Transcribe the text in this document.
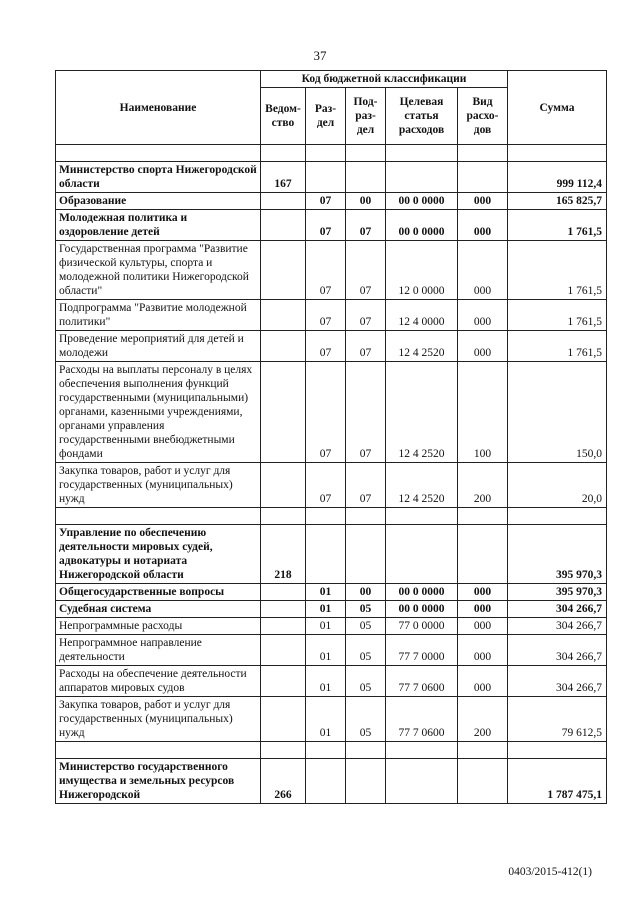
37
Наименование	Код бюджетной классификации					Сумма
	Ведом-ство	Раз-дел	Под-раз-дел	Целевая статья расходов	Вид расхо-дов	

Министерство спорта Нижегородской области	167					999 112,4
Образование		07	00	00 0 0000	000	165 825,7
Молодежная политика и оздоровление детей		07	07	00 0 0000	000	1 761,5
Государственная программа "Развитие физической культуры, спорта и молодежной политики Нижегородской области"		07	07	12 0 0000	000	1 761,5
Подпрограмма "Развитие молодежной политики"		07	07	12 4 0000	000	1 761,5
Проведение мероприятий для детей и молодежи		07	07	12 4 2520	000	1 761,5
Расходы на выплаты персоналу в целях обеспечения выполнения функций государственными (муниципальными) органами, казенными учреждениями, органами управления государственными внебюджетными фондами		07	07	12 4 2520	100	150,0
Закупка товаров, работ и услуг для государственных (муниципальных) нужд		07	07	12 4 2520	200	20,0

Управление по обеспечению деятельности мировых судей, адвокатуры и нотариата Нижегородской области	218					395 970,3
Общегосударственные вопросы		01	00	00 0 0000	000	395 970,3
Судебная система		01	05	00 0 0000	000	304 266,7
Непрограммные расходы		01	05	77 0 0000	000	304 266,7
Непрограммное направление деятельности		01	05	77 7 0000	000	304 266,7
Расходы на обеспечение деятельности аппаратов мировых судов		01	05	77 7 0600	000	304 266,7
Закупка товаров, работ и услуг для государственных (муниципальных) нужд		01	05	77 7 0600	200	79 612,5

Министерство государственного имущества и земельных ресурсов Нижегородской	266					1 787 475,1
0403/2015-412(1)
